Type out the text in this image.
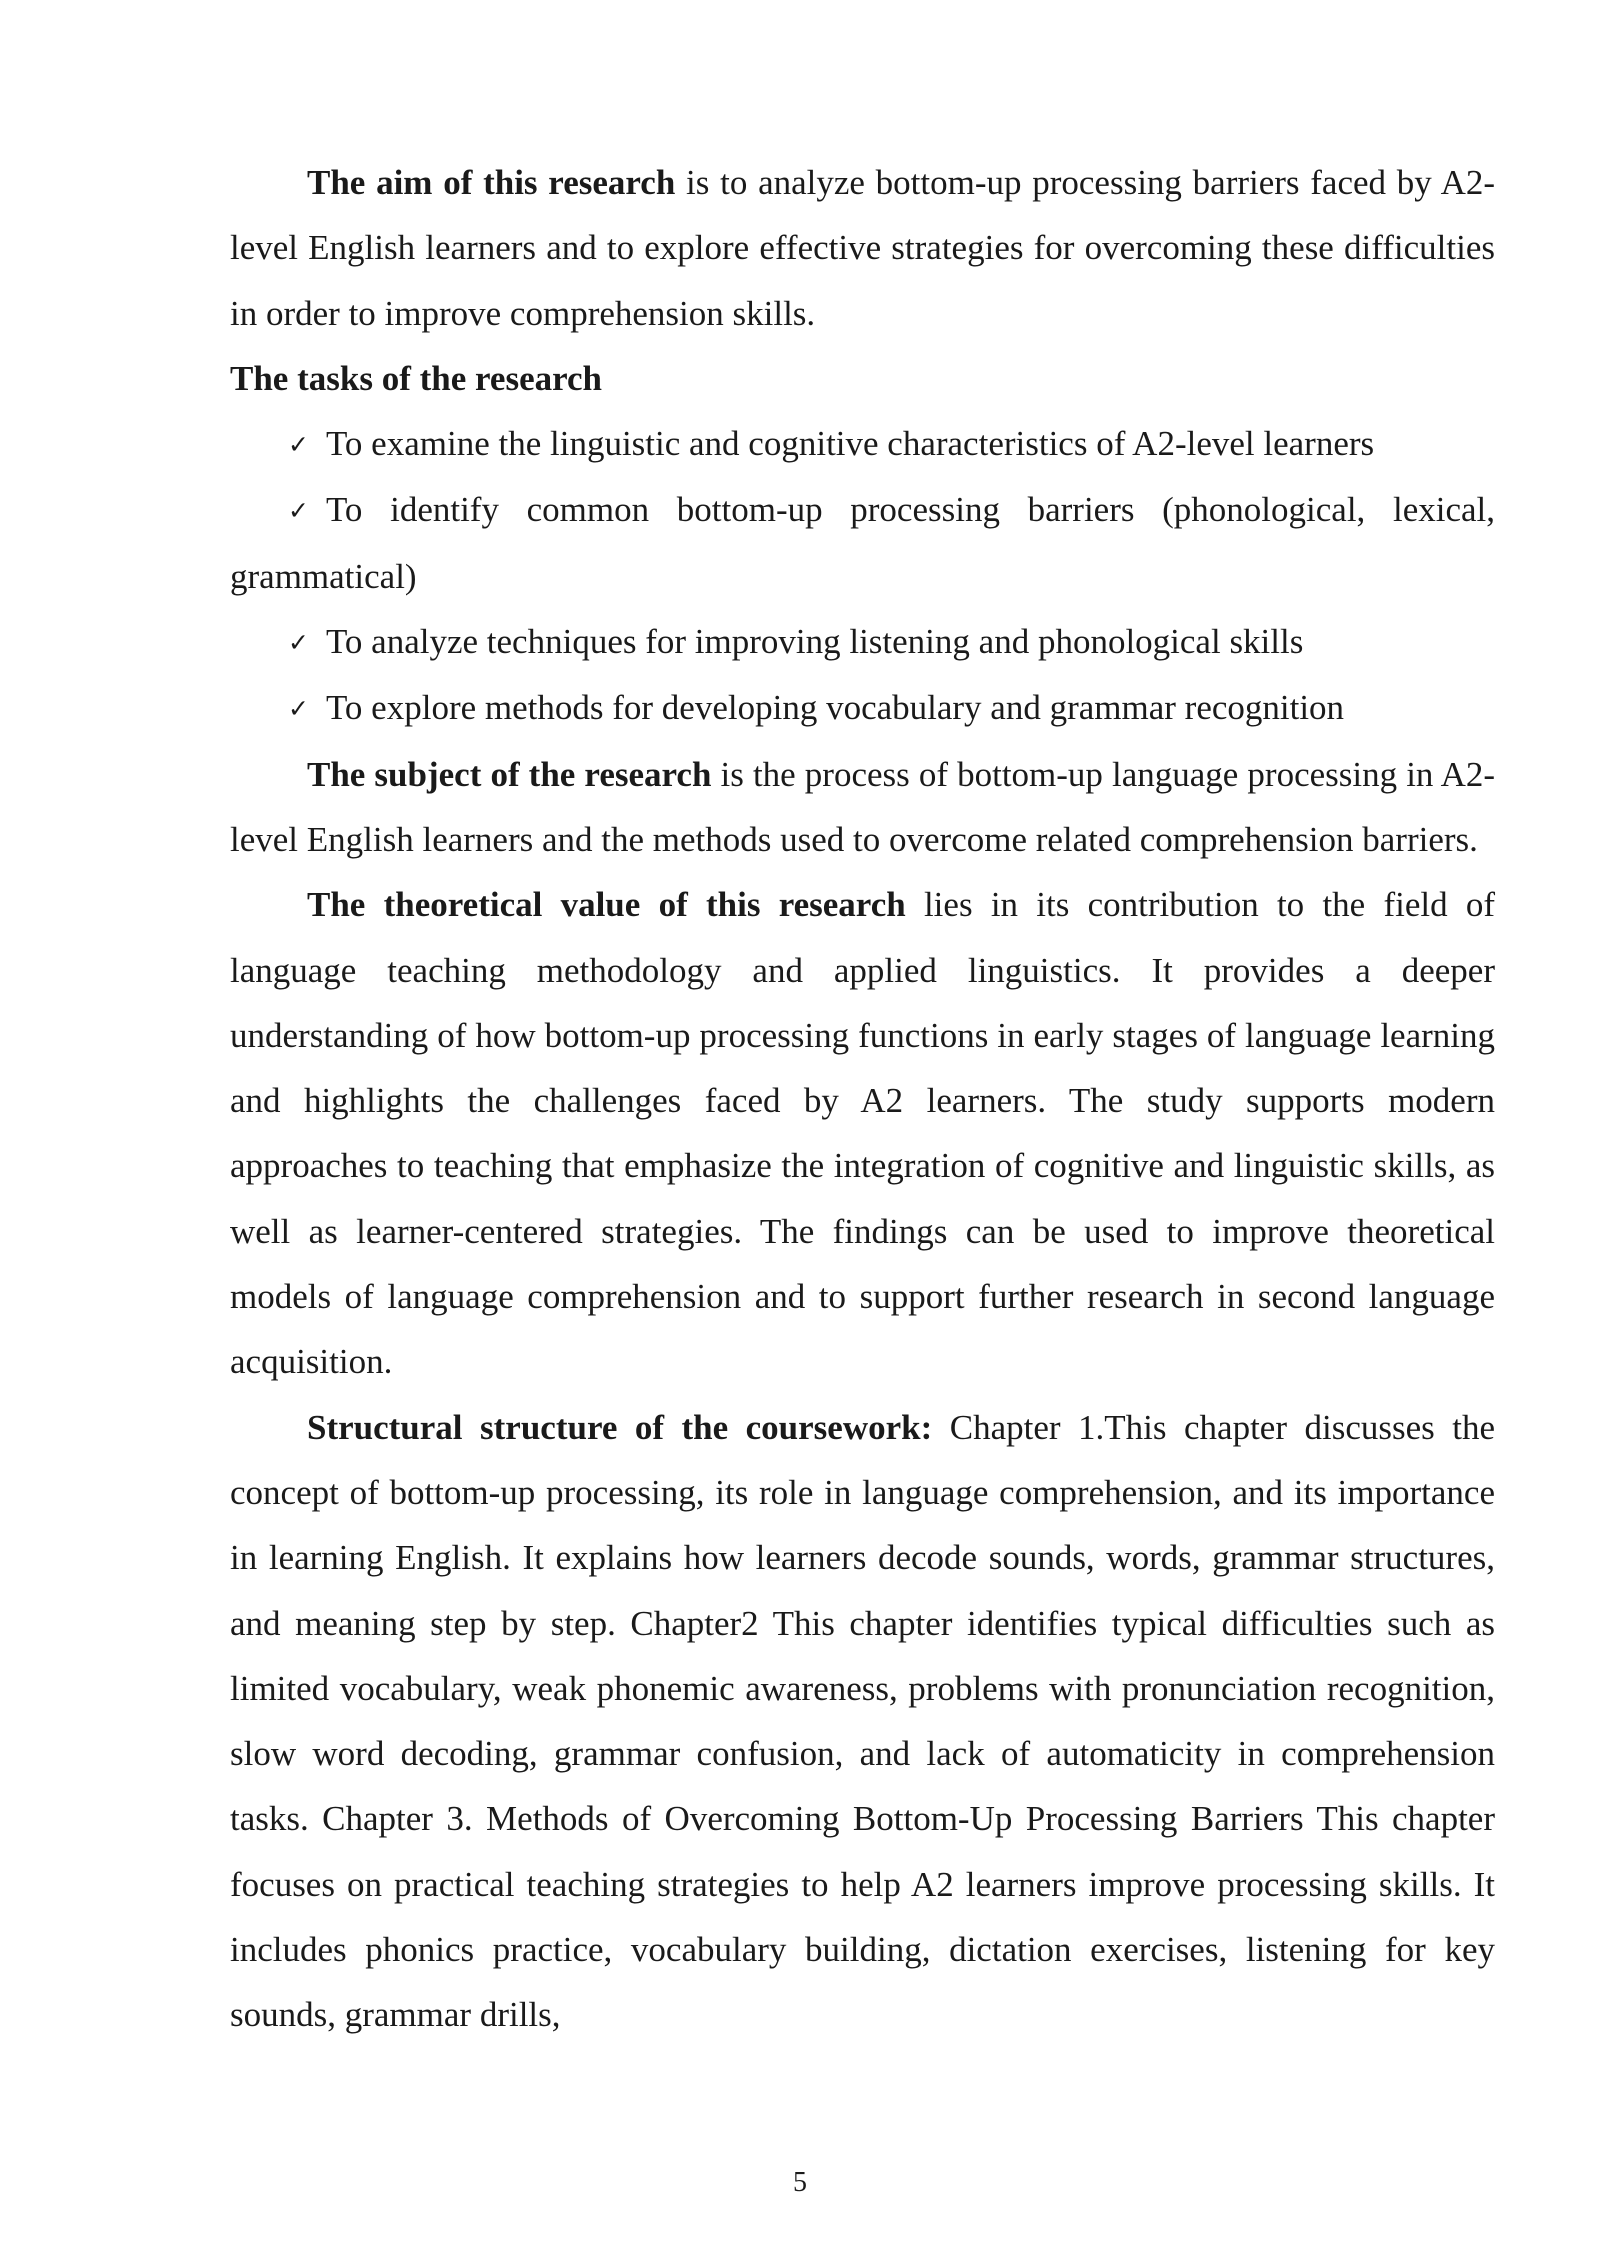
The aim of this research is to analyze bottom-up processing barriers faced by A2-level English learners and to explore effective strategies for overcoming these difficulties in order to improve comprehension skills.

The tasks of the research

✓ To examine the linguistic and cognitive characteristics of A2-level learners
✓ To identify common bottom-up processing barriers (phonological, lexical, grammatical)
✓ To analyze techniques for improving listening and phonological skills
✓ To explore methods for developing vocabulary and grammar recognition

The subject of the research is the process of bottom-up language processing in A2-level English learners and the methods used to overcome related comprehension barriers.

The theoretical value of this research lies in its contribution to the field of language teaching methodology and applied linguistics. It provides a deeper understanding of how bottom-up processing functions in early stages of language learning and highlights the challenges faced by A2 learners. The study supports modern approaches to teaching that emphasize the integration of cognitive and linguistic skills, as well as learner-centered strategies. The findings can be used to improve theoretical models of language comprehension and to support further research in second language acquisition.

Structural structure of the coursework: Chapter 1.This chapter discusses the concept of bottom-up processing, its role in language comprehension, and its importance in learning English. It explains how learners decode sounds, words, grammar structures, and meaning step by step. Chapter2 This chapter identifies typical difficulties such as limited vocabulary, weak phonemic awareness, problems with pronunciation recognition, slow word decoding, grammar confusion, and lack of automaticity in comprehension tasks. Chapter 3. Methods of Overcoming Bottom-Up Processing Barriers This chapter focuses on practical teaching strategies to help A2 learners improve processing skills. It includes phonics practice, vocabulary building, dictation exercises, listening for key sounds, grammar drills,

5
